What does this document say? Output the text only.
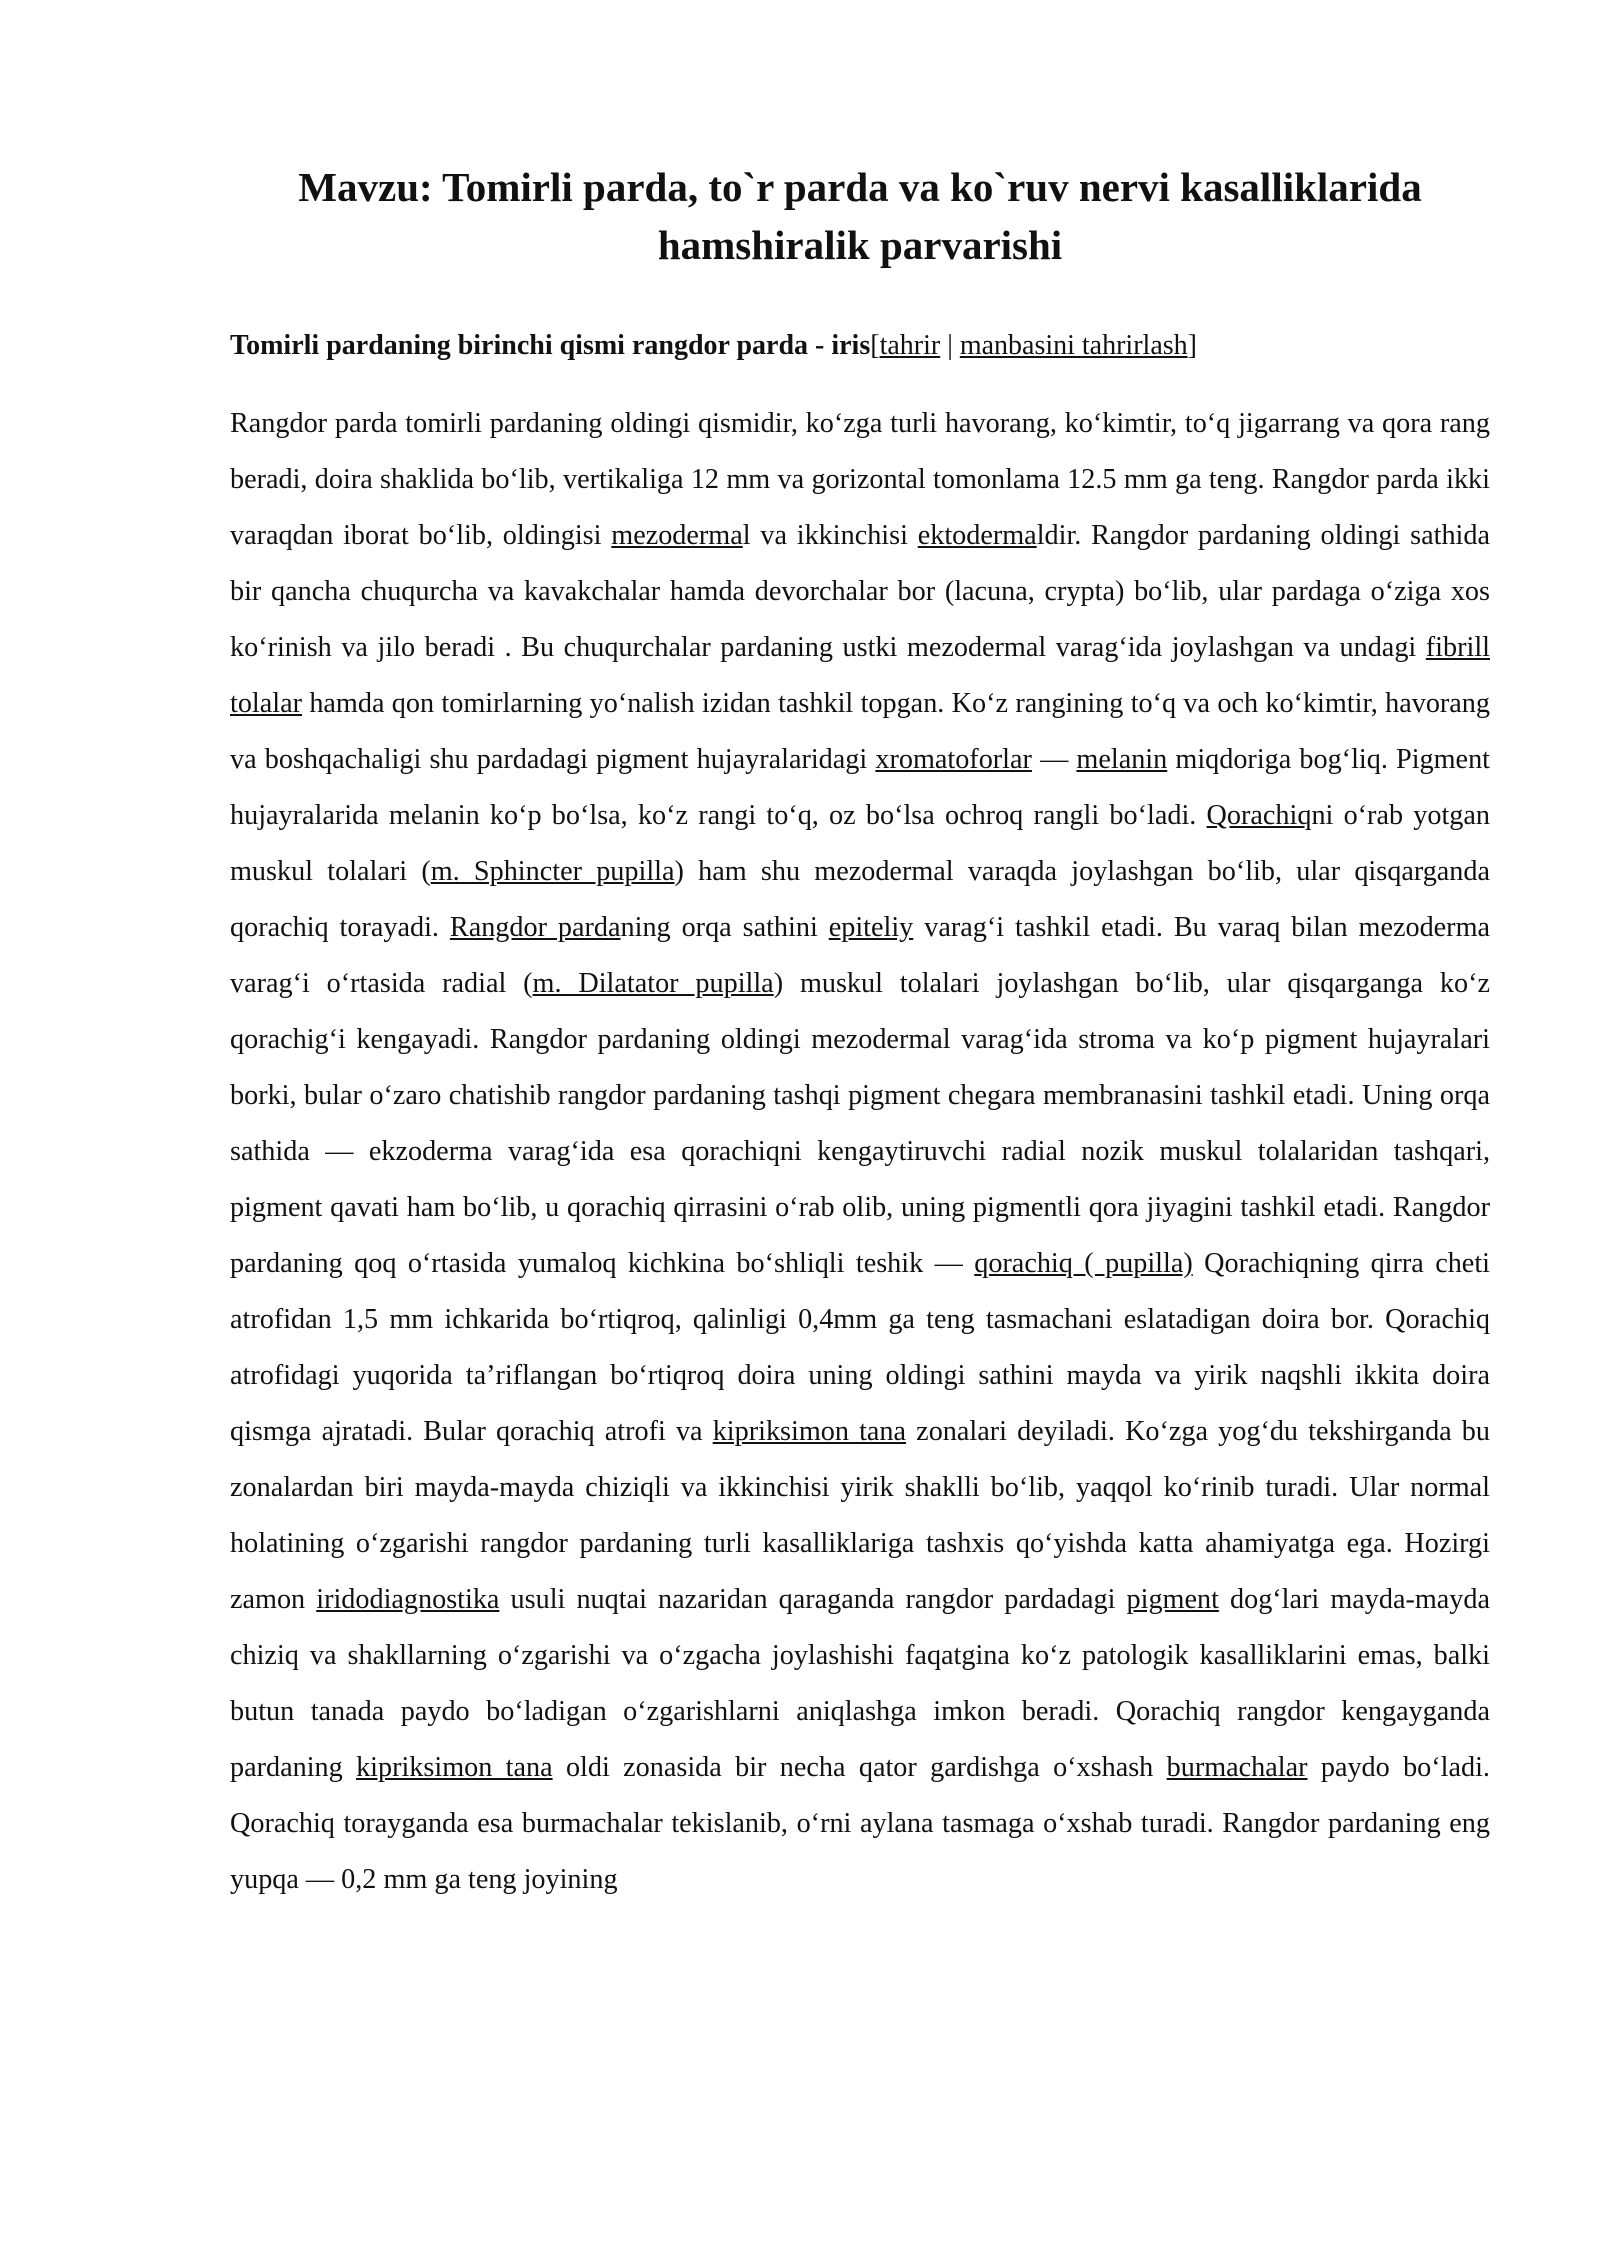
Mavzu: Tomirli parda, to`r parda va ko`ruv nervi kasalliklarida
hamshiralik parvarishi

Tomirli pardaning birinchi qismi rangdor parda - iris[tahrir | manbasini tahrirlash]

Rangdor parda tomirli pardaning oldingi qismidir, ko‘zga turli havorang, ko‘kimtir, to‘q jigarrang va qora rang beradi, doira shaklida bo‘lib, vertikaliga 12 mm va gorizontal tomonlama 12.5 mm ga teng. Rangdor parda ikki varaqdan iborat bo‘lib, oldingisi mezodermal va ikkinchisi ektodermaldir. Rangdor pardaning oldingi sathida bir qancha chuqurcha va kavakchalar hamda devorchalar bor (lacuna, crypta) bo‘lib, ular pardaga o‘ziga xos ko‘rinish va jilo beradi . Bu chuqurchalar pardaning ustki mezodermal varag‘ida joylashgan va undagi fibrill tolalar hamda qon tomirlarning yo‘nalish izidan tashkil topgan. Ko‘z rangining to‘q va och ko‘kimtir, havorang va boshqachaligi shu pardadagi pigment hujayralaridagi xromatoforlar — melanin miqdoriga bog‘liq. Pigment hujayralarida melanin ko‘p bo‘lsa, ko‘z rangi to‘q, oz bo‘lsa ochroq rangli bo‘ladi. Qorachiqni o‘rab yotgan muskul tolalari (m. Sphincter pupilla) ham shu mezodermal varaqda joylashgan bo‘lib, ular qisqarganda qorachiq torayadi. Rangdor pardaning orqa sathini epiteliy varag‘i tashkil etadi. Bu varaq bilan mezoderma varag‘i o‘rtasida radial (m. Dilatator pupilla) muskul tolalari joylashgan bo‘lib, ular qisqarganga ko‘z qorachig‘i kengayadi. Rangdor pardaning oldingi mezodermal varag‘ida stroma va ko‘p pigment hujayralari borki, bular o‘zaro chatishib rangdor pardaning tashqi pigment chegara membranasini tashkil etadi. Uning orqa sathida — ekzoderma varag‘ida esa qorachiqni kengaytiruvchi radial nozik muskul tolalaridan tashqari, pigment qavati ham bo‘lib, u qorachiq qirrasini o‘rab olib, uning pigmentli qora jiyagini tashkil etadi. Rangdor pardaning qoq o‘rtasida yumaloq kichkina bo‘shliqli teshik — qorachiq ( pupilla) Qorachiqning qirra cheti atrofidan 1,5 mm ichkarida bo‘rtiqroq, qalinligi 0,4mm ga teng tasmachani eslatadigan doira bor. Qorachiq atrofidagi yuqorida ta’riflangan bo‘rtiqroq doira uning oldingi sathini mayda va yirik naqshli ikkita doira qismga ajratadi. Bular qorachiq atrofi va kipriksimon tana zonalari deyiladi. Ko‘zga yog‘du tekshirganda bu zonalardan biri mayda-mayda chiziqli va ikkinchisi yirik shaklli bo‘lib, yaqqol ko‘rinib turadi. Ular normal holatining o‘zgarishi rangdor pardaning turli kasalliklariga tashxis qo‘yishda katta ahamiyatga ega. Hozirgi zamon iridodiagnostika usuli nuqtai nazaridan qaraganda rangdor pardadagi pigment dog‘lari mayda-mayda chiziq va shakllarning o‘zgarishi va o‘zgacha joylashishi faqatgina ko‘z patologik kasalliklarini emas, balki butun tanada paydo bo‘ladigan o‘zgarishlarni aniqlashga imkon beradi. Qorachiq rangdor kengayganda pardaning kipriksimon tana oldi zonasida bir necha qator gardishga o‘xshash burmachalar paydo bo‘ladi. Qorachiq torayganda esa burmachalar tekislanib, o‘rni aylana tasmaga o‘xshab turadi. Rangdor pardaning eng yupqa — 0,2 mm ga teng joyining
